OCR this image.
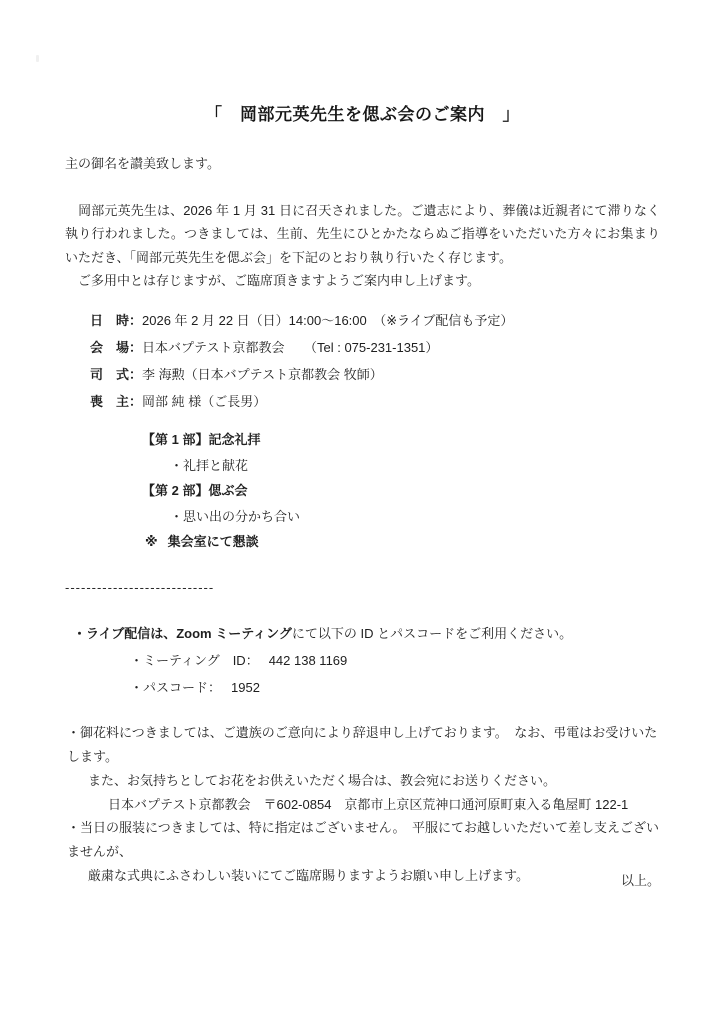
「　岡部元英先生を偲ぶ会のご案内　」
主の御名を讃美致します。

　岡部元英先生は、2026 年 1 月 31 日に召天されました。ご遺志により、葬儀は近親者にて滞りなく執り行われました。つきましては、生前、先生にひとかたならぬご指導をいただいた方々にお集まりいただき、「岡部元英先生を偲ぶ会」を下記のとおり執り行いたく存じます。

　ご多用中とは存じますが、ご臨席頂きますようご案内申し上げます。

日　時：2026 年 2 月 22 日（日）14:00～16:00　（※ライブ配信も予定）
会　場：日本バプテスト京都教会　　（Tel : 075-231-1351）
司　式：李 海勲（日本バプテスト京都教会 牧師）
喪　主：岡部 純 様（ご長男）
【第 1 部】記念礼拝
・礼拝と献花
【第 2 部】偲ぶ会
・思い出の分かち合い
※ 集会室にて懇談
----------------------------
・ライブ配信は、Zoom ミーティングにて以下の ID とパスコードをご利用ください。
・ミーティング　ID： 442 138 1169
・パスコード： 1952
・御花料につきましては、ご遺族のご意向により辞退申し上げております。　なお、弔電はお受けいたします。
また、お気持ちとしてお花をお供えいただく場合は、教会宛にお送りください。
日本バプテスト京都教会　〒602-0854　京都市上京区荒神口通河原町東入る亀屋町 122-1
・当日の服装につきましては、特に指定はございません。　平服にてお越しいただいて差し支えございませんが、
厳粛な式典にふさわしい装いにてご臨席賜りますようお願い申し上げます。	以上。
